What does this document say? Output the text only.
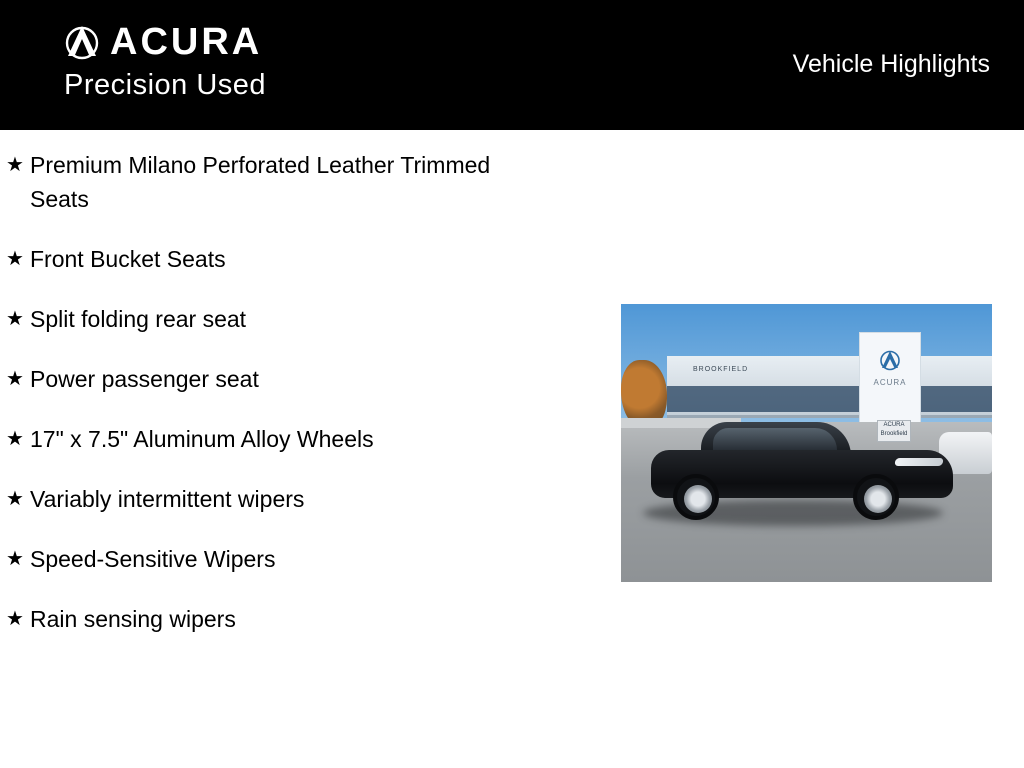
ACURA
Precision Used
Vehicle Highlights
★ Premium Milano Perforated Leather Trimmed Seats
★ Front Bucket Seats
★ Split folding rear seat
★ Power passenger seat
★ 17" x 7.5" Aluminum Alloy Wheels
★ Variably intermittent wipers
★ Speed-Sensitive Wipers
★ Rain sensing wipers
BROOKFIELD
ACURA
ACURA Brookfield
